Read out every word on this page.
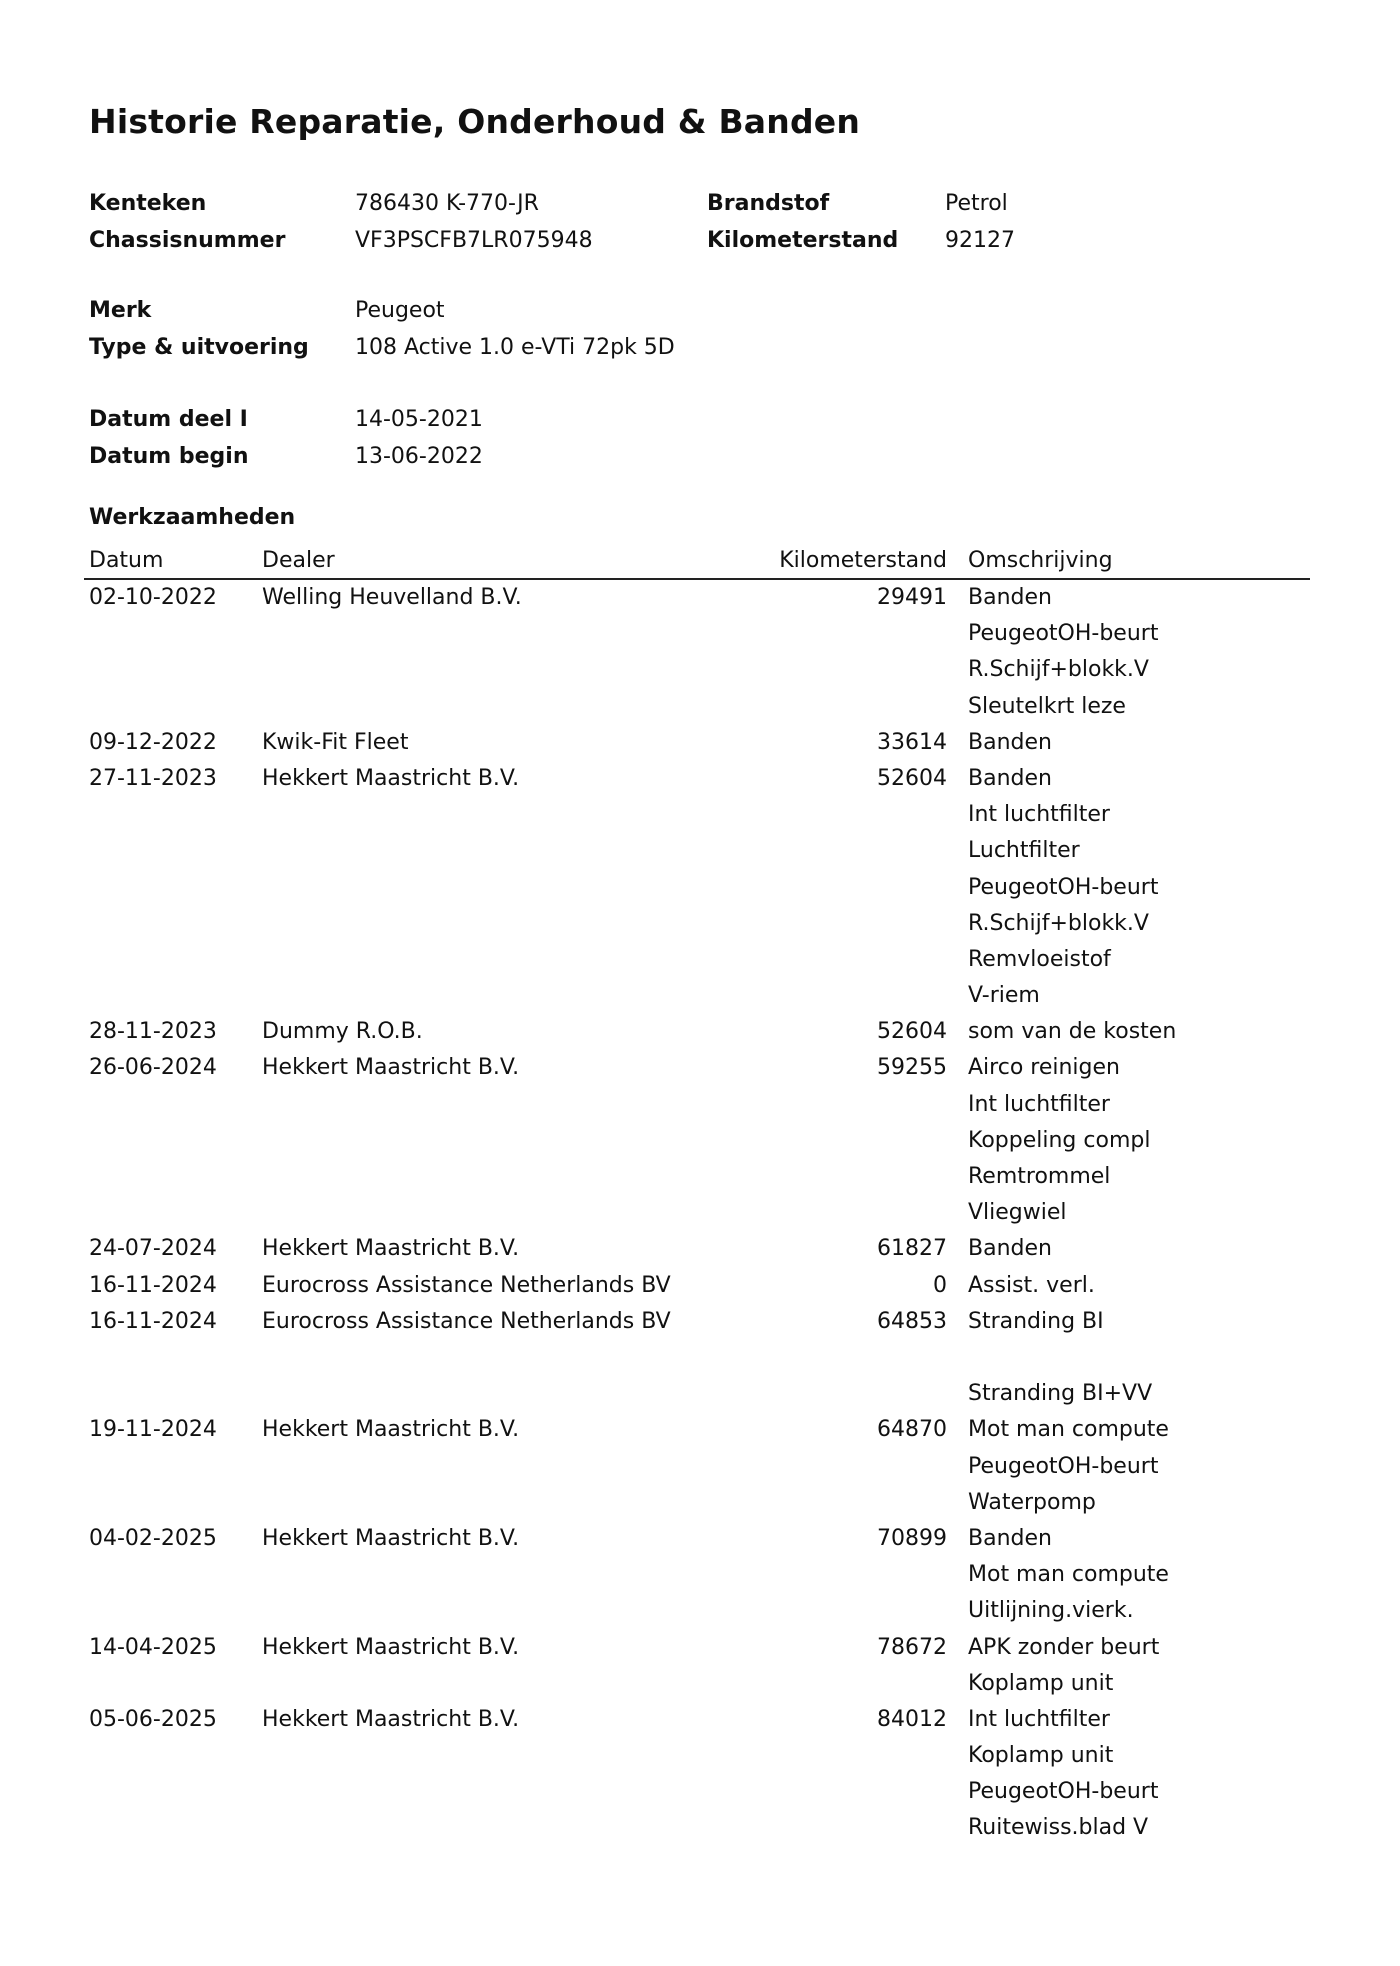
Historie Reparatie, Onderhoud & Banden
Kenteken	786430 K-770-JR
Chassisnummer	VF3PSCFB7LR075948
Brandstof	Petrol
Kilometerstand	92127
Merk	Peugeot
Type & uitvoering	108 Active 1.0 e-VTi 72pk 5D
Datum deel I	14-05-2021
Datum begin	13-06-2022
Werkzaamheden
Datum	Dealer	Kilometerstand Omschrijving
02-10-2022	Welling Heuvelland B.V.	29491 Banden
PeugeotOH-beurt
R.Schijf+blokk.V
Sleutelkrt leze
09-12-2022	Kwik-Fit Fleet	33614 Banden
27-11-2023	Hekkert Maastricht B.V.	52604 Banden
Int luchtfilter
Luchtfilter
PeugeotOH-beurt
R.Schijf+blokk.V
Remvloeistof
V-riem
28-11-2023	Dummy R.O.B.	52604 som van de kosten
26-06-2024	Hekkert Maastricht B.V.	59255 Airco reinigen
Int luchtfilter
Koppeling compl
Remtrommel
Vliegwiel
24-07-2024	Hekkert Maastricht B.V.	61827 Banden
16-11-2024	Eurocross Assistance Netherlands BV	0 Assist. verl.
16-11-2024	Eurocross Assistance Netherlands BV	64853 Stranding BI
Stranding BI+VV
19-11-2024	Hekkert Maastricht B.V.	64870 Mot man compute
PeugeotOH-beurt
Waterpomp
04-02-2025	Hekkert Maastricht B.V.	70899 Banden
Mot man compute
Uitlijning.vierk.
14-04-2025	Hekkert Maastricht B.V.	78672 APK zonder beurt
Koplamp unit
05-06-2025	Hekkert Maastricht B.V.	84012 Int luchtfilter
Koplamp unit
PeugeotOH-beurt
Ruitewiss.blad V
